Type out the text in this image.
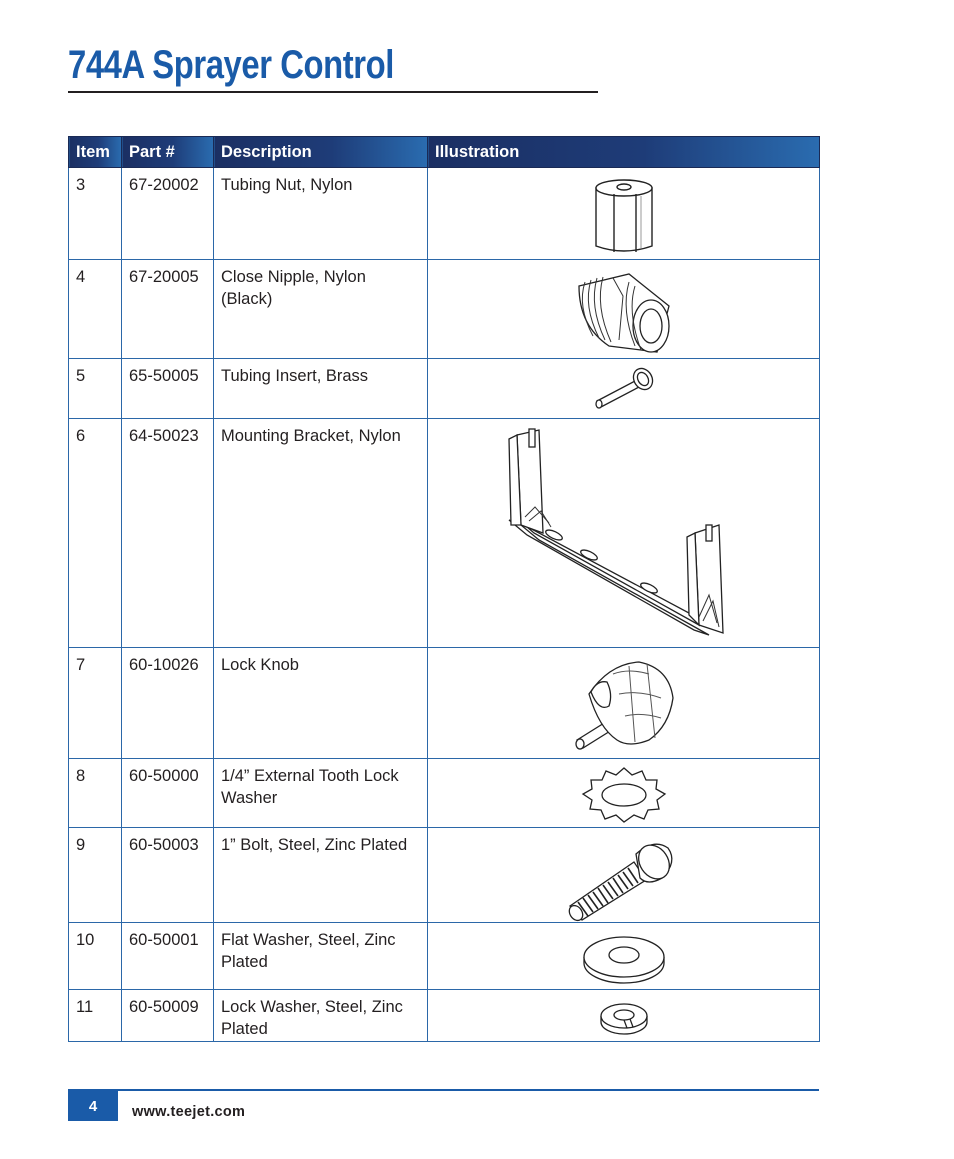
744A Sprayer Control
Item	Part #	Description	Illustration
3	67-20002	Tubing Nut, Nylon	

4	67-20005	Close Nipple, Nylon (Black)	

5	65-50005	Tubing Insert, Brass	

6	64-50023	Mounting Bracket, Nylon	

7	60-10026	Lock Knob	

8	60-50000	1/4” External Tooth Lock Washer	

9	60-50003	1” Bolt, Steel, Zinc Plated	

10	60-50001	Flat Washer, Steel, Zinc Plated	

11	60-50009	Lock Washer, Steel, Zinc Plated	
4	www.teejet.com
